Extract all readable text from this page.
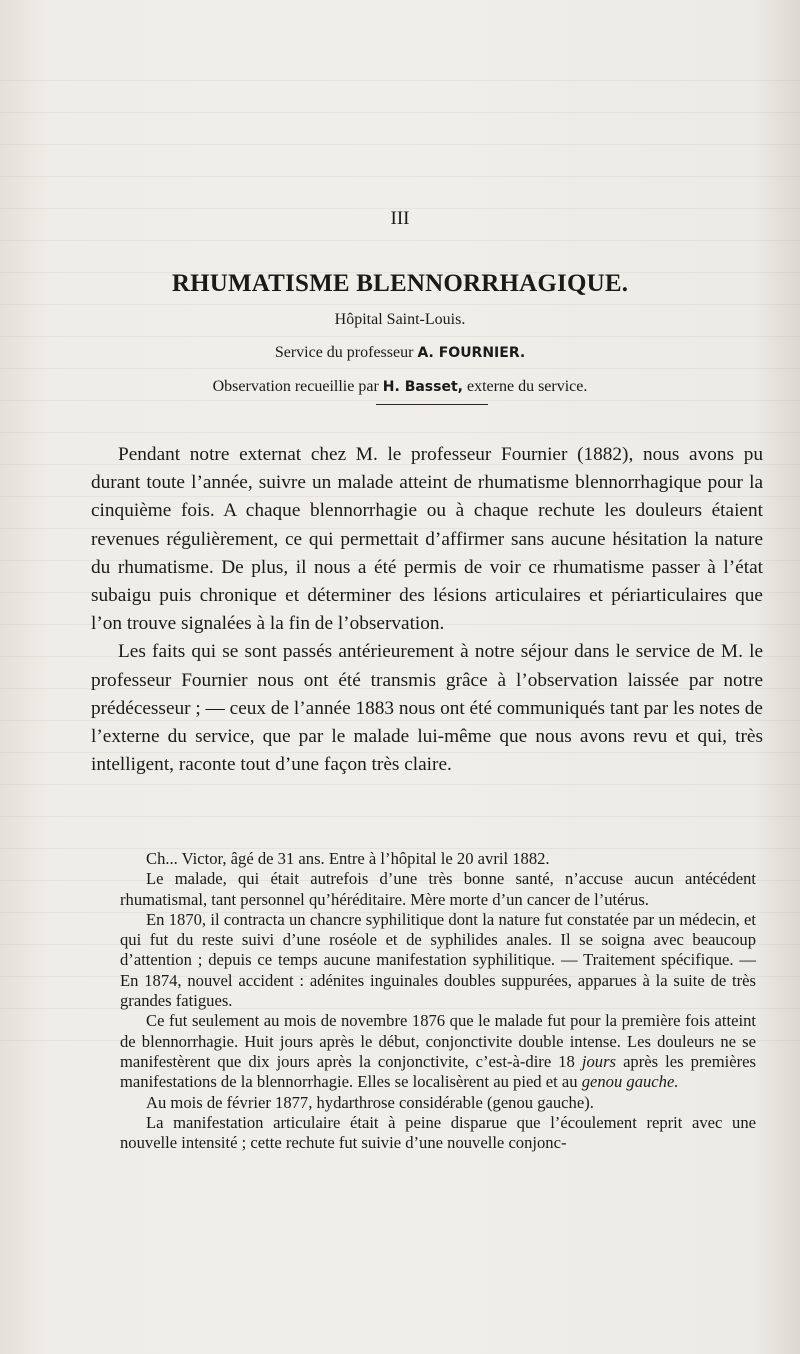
III
RHUMATISME BLENNORRHAGIQUE.
Hôpital Saint-Louis.
Service du professeur A. FOURNIER.
Observation recueillie par H. Basset, externe du service.

Pendant notre externat chez M. le professeur Fournier (1882), nous avons pu durant toute l’année, suivre un malade atteint de rhumatisme blennorrhagique pour la cinquième fois. A chaque blennorrhagie ou à chaque rechute les douleurs étaient revenues régulièrement, ce qui permettait d’affirmer sans aucune hésitation la nature du rhumatisme. De plus, il nous a été permis de voir ce rhumatisme passer à l’état subaigu puis chronique et déterminer des lésions articulaires et périarticulaires que l’on trouve signalées à la fin de l’observation.

Les faits qui se sont passés antérieurement à notre séjour dans le service de M. le professeur Fournier nous ont été transmis grâce à l’observation laissée par notre prédécesseur ; — ceux de l’année 1883 nous ont été communiqués tant par les notes de l’externe du service, que par le malade lui-même que nous avons revu et qui, très intelligent, raconte tout d’une façon très claire.

Ch... Victor, âgé de 31 ans. Entre à l’hôpital le 20 avril 1882.

Le malade, qui était autrefois d’une très bonne santé, n’accuse aucun antécédent rhumatismal, tant personnel qu’héréditaire. Mère morte d’un cancer de l’utérus.

En 1870, il contracta un chancre syphilitique dont la nature fut constatée par un médecin, et qui fut du reste suivi d’une roséole et de syphilides anales. Il se soigna avec beaucoup d’attention ; depuis ce temps aucune manifestation syphilitique. — Traitement spécifique. — En 1874, nouvel accident : adénites inguinales doubles suppurées, apparues à la suite de très grandes fatigues.

Ce fut seulement au mois de novembre 1876 que le malade fut pour la première fois atteint de blennorrhagie. Huit jours après le début, conjonctivite double intense. Les douleurs ne se manifestèrent que dix jours après la conjonctivite, c’est-à-dire 18 jours après les premières manifestations de la blennorrhagie. Elles se localisèrent au pied et au genou gauche.

Au mois de février 1877, hydarthrose considérable (genou gauche).

La manifestation articulaire était à peine disparue que l’écoulement reprit avec une nouvelle intensité ; cette rechute fut suivie d’une nouvelle conjonc-
